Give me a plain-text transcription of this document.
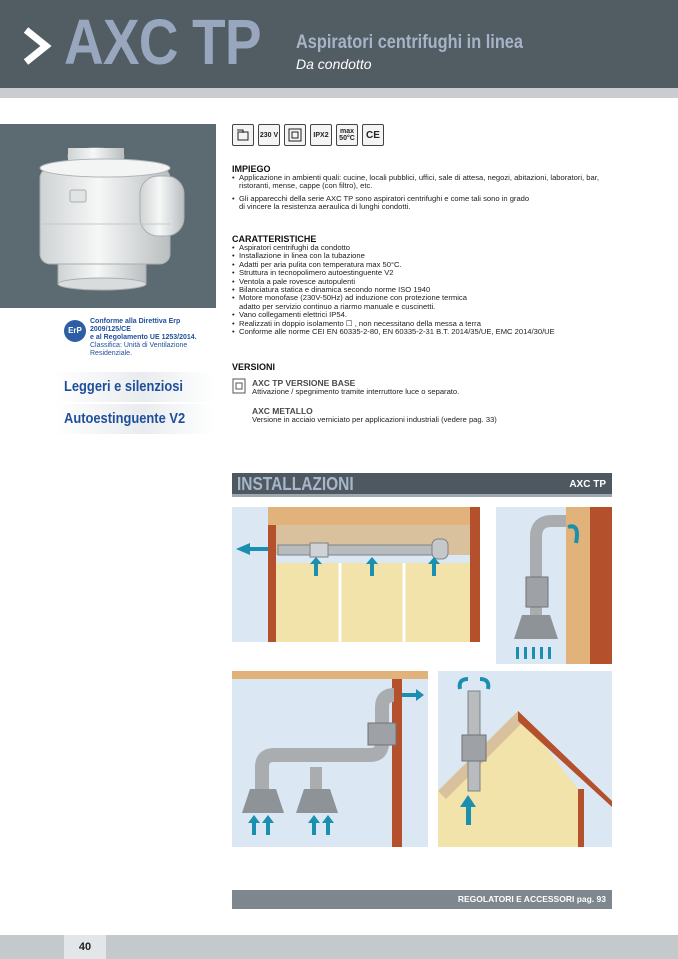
AXC TP Aspiratori centrifughi in linea
Da condotto
ErP
Conforme alla Direttiva Erp 2009/125/CE
e al Regolamento UE 1253/2014.
Classifica: Unità di Ventilazione Residenziale.
Leggeri e silenziosi
Autoestinguente V2
230 V	IPX2	max 50°C	CE
IMPIEGO
• Applicazione in ambienti quali: cucine, locali pubblici, uffici, sale di attesa, negozi, abitazioni, laboratori, bar,
ristoranti, mense, cappe (con filtro), etc.
• Gli apparecchi della serie AXC TP sono aspiratori centrifughi e come tali sono in grado
di vincere la resistenza aeraulica di lunghi condotti.
CARATTERISTICHE
• Aspiratori centrifughi da condotto
• Installazione in linea con la tubazione
• Adatti per aria pulita con temperatura max 50°C.
• Struttura in tecnopolimero autoestinguente V2
• Ventola a pale rovesce autopulenti
• Bilanciatura statica e dinamica secondo norme ISO 1940
• Motore monofase (230V-50Hz) ad induzione con protezione termica
adatto per servizio continuo a riarmo manuale e cuscinetti.
• Vano collegamenti elettrici IP54.
• Realizzati in doppio isolamento ☐ , non necessitano della messa a terra
• Conforme alle norme CEI EN 60335-2-80, EN 60335-2-31 B.T. 2014/35/UE, EMC 2014/30/UE
VERSIONI
AXC TP VERSIONE BASE

Attivazione / spegnimento tramite interruttore luce o separato.

AXC METALLO

Versione in acciaio verniciato per applicazioni industriali (vedere pag. 33)

INSTALLAZIONI	AXC TP
REGOLATORI E ACCESSORI pag. 93
40
